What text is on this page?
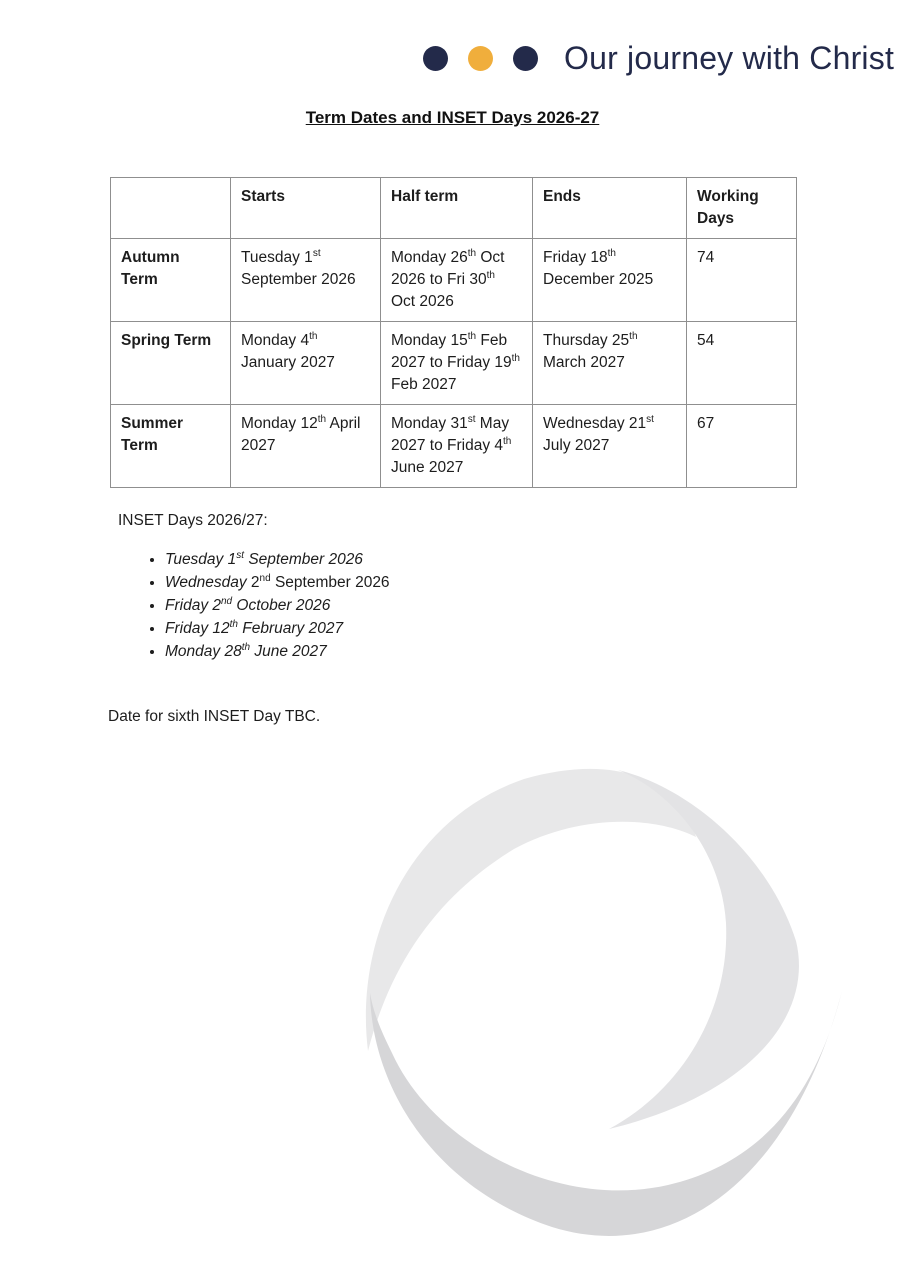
Our journey with Christ
Term Dates and INSET Days 2026-27
	Starts	Half term	Ends	Working Days
Autumn Term	Tuesday 1st September 2026	Monday 26th Oct 2026 to Fri 30th Oct 2026	Friday 18th December 2025	74
Spring Term	Monday 4th January 2027	Monday 15th Feb 2027 to Friday 19th Feb 2027	Thursday 25th March 2027	54
Summer Term	Monday 12th April 2027	Monday 31st May 2027 to Friday 4th June 2027	Wednesday 21st July 2027	67
INSET Days 2026/27:
• Tuesday 1st September 2026
• Wednesday 2nd September 2026
• Friday 2nd October 2026
• Friday 12th February 2027
• Monday 28th June 2027
Date for sixth INSET Day TBC.
